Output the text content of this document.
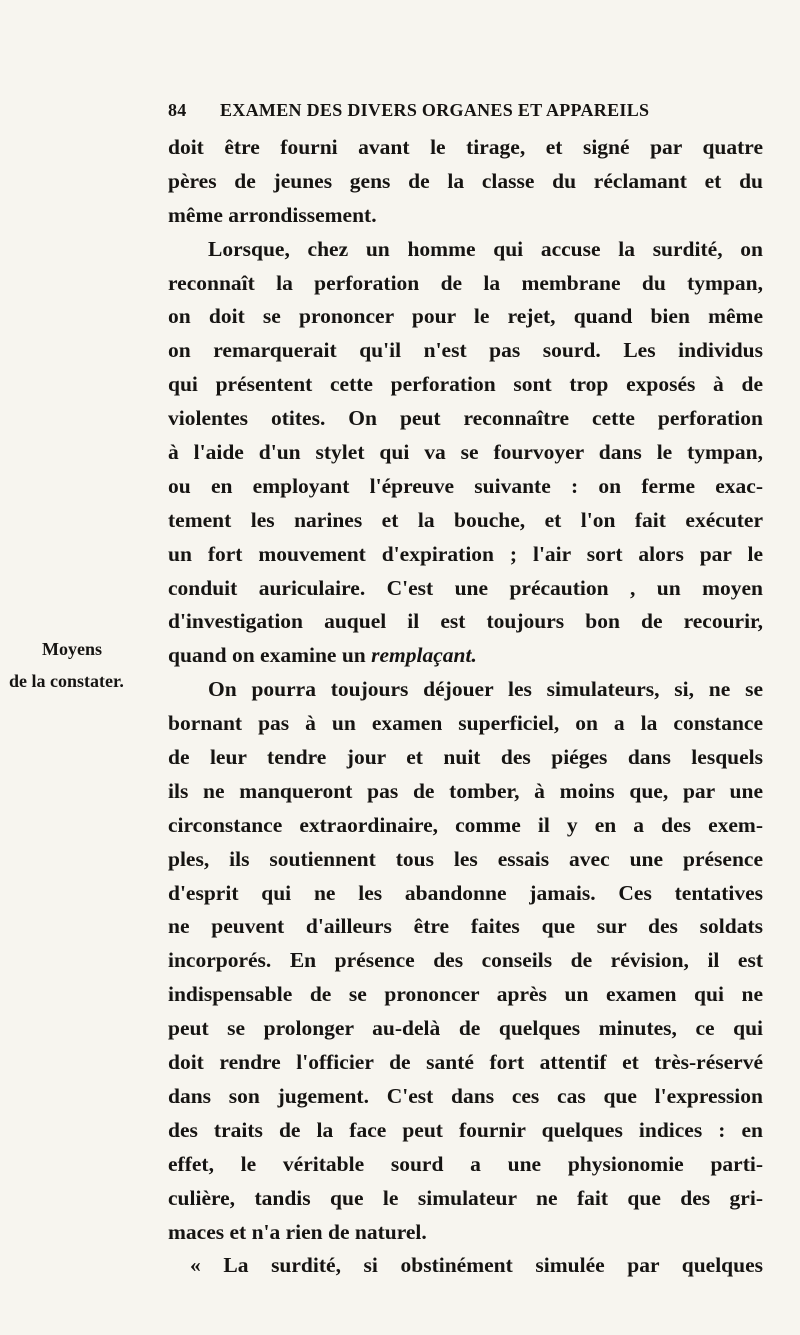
84 EXAMEN DES DIVERS ORGANES ET APPAREILS
Moyens
de la constater.
doit être fourni avant le tirage, et signé par quatre
pères de jeunes gens de la classe du réclamant et du
même arrondissement.
Lorsque, chez un homme qui accuse la surdité, on
reconnaît la perforation de la membrane du tympan,
on doit se prononcer pour le rejet, quand bien même
on remarquerait qu'il n'est pas sourd. Les individus
qui présentent cette perforation sont trop exposés à de
violentes otites. On peut reconnaître cette perforation
à l'aide d'un stylet qui va se fourvoyer dans le tympan,
ou en employant l'épreuve suivante : on ferme exac-
tement les narines et la bouche, et l'on fait exécuter
un fort mouvement d'expiration ; l'air sort alors par le
conduit auriculaire. C'est une précaution , un moyen
d'investigation auquel il est toujours bon de recourir,
quand on examine un remplaçant.
On pourra toujours déjouer les simulateurs, si, ne se
bornant pas à un examen superficiel, on a la constance
de leur tendre jour et nuit des piéges dans lesquels
ils ne manqueront pas de tomber, à moins que, par une
circonstance extraordinaire, comme il y en a des exem-
ples, ils soutiennent tous les essais avec une présence
d'esprit qui ne les abandonne jamais. Ces tentatives
ne peuvent d'ailleurs être faites que sur des soldats
incorporés. En présence des conseils de révision, il est
indispensable de se prononcer après un examen qui ne
peut se prolonger au-delà de quelques minutes, ce qui
doit rendre l'officier de santé fort attentif et très-réservé
dans son jugement. C'est dans ces cas que l'expression
des traits de la face peut fournir quelques indices : en
effet, le véritable sourd a une physionomie parti-
culière, tandis que le simulateur ne fait que des gri-
maces et n'a rien de naturel.
« La surdité, si obstinément simulée par quelques
